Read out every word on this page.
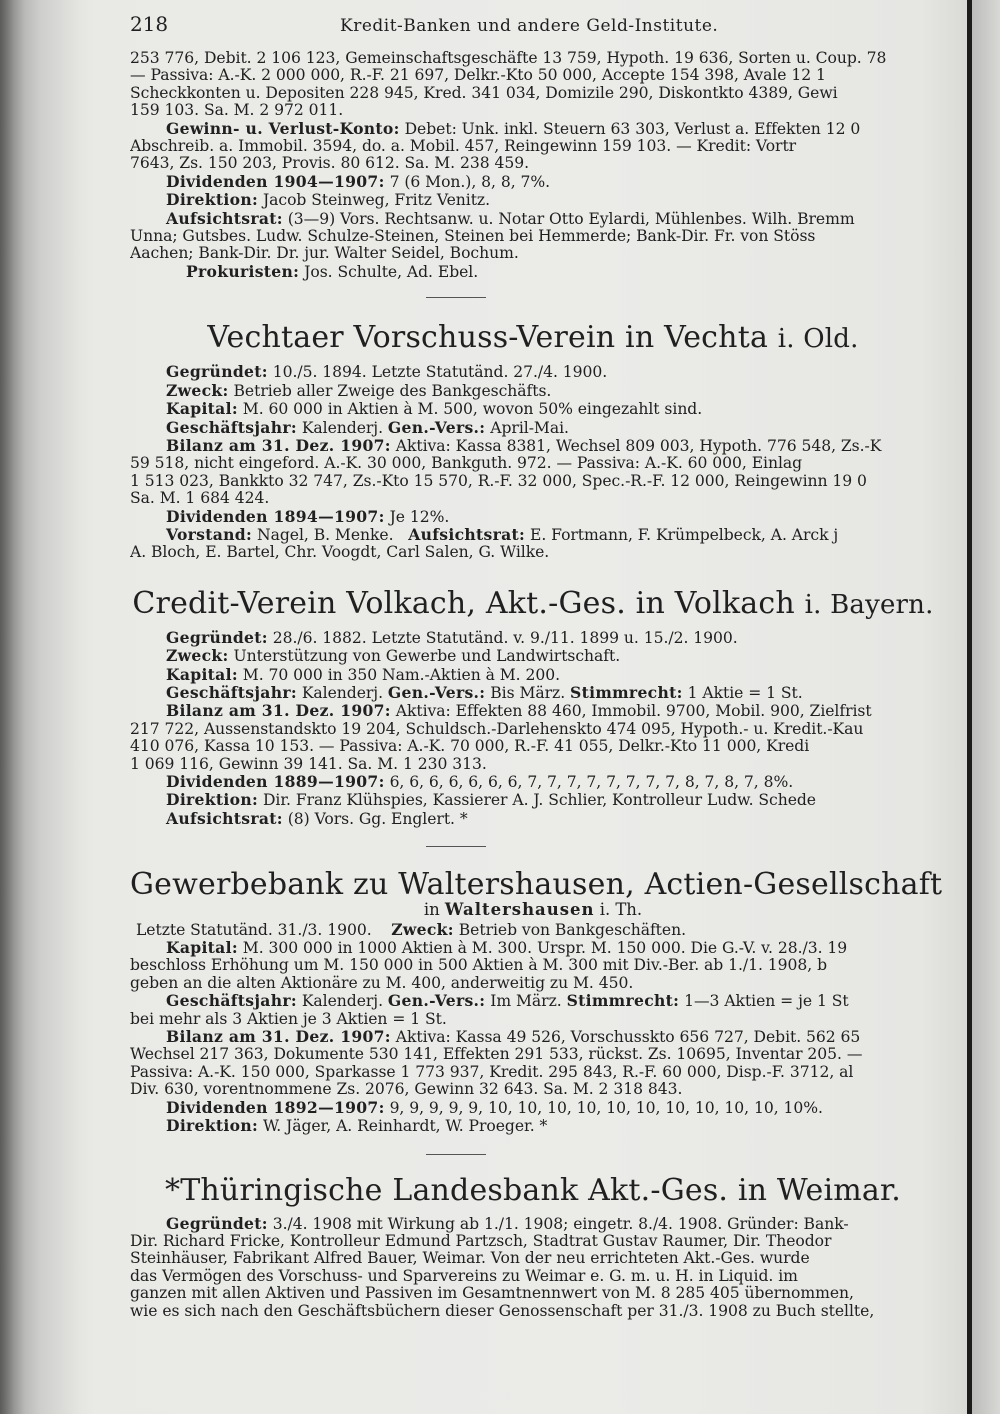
218	Kredit-Banken und andere Geld-Institute.
253 776, Debit. 2 106 123, Gemeinschaftsgeschäfte 13 759, Hypoth. 19 636, Sorten u. Coup. 78
— Passiva: A.-K. 2 000 000, R.-F. 21 697, Delkr.-Kto 50 000, Accepte 154 398, Avale 12 1
Scheckkonten u. Depositen 228 945, Kred. 341 034, Domizile 290, Diskontkto 4389, Gewi
159 103. Sa. M. 2 972 011.
Gewinn- u. Verlust-Konto: Debet: Unk. inkl. Steuern 63 303, Verlust a. Effekten 12 0
Abschreib. a. Immobil. 3594, do. a. Mobil. 457, Reingewinn 159 103. — Kredit: Vortr
7643, Zs. 150 203, Provis. 80 612. Sa. M. 238 459.
Dividenden 1904—1907: 7 (6 Mon.), 8, 8, 7%.
Direktion: Jacob Steinweg, Fritz Venitz.
Aufsichtsrat: (3—9) Vors. Rechtsanw. u. Notar Otto Eylardi, Mühlenbes. Wilh. Bremm
Unna; Gutsbes. Ludw. Schulze-Steinen, Steinen bei Hemmerde; Bank-Dir. Fr. von Stöss
Aachen; Bank-Dir. Dr. jur. Walter Seidel, Bochum.
Prokuristen: Jos. Schulte, Ad. Ebel.
Vechtaer Vorschuss-Verein in Vechta i. Old.
Gegründet: 10./5. 1894. Letzte Statutänd. 27./4. 1900.
Zweck: Betrieb aller Zweige des Bankgeschäfts.
Kapital: M. 60 000 in Aktien à M. 500, wovon 50% eingezahlt sind.
Geschäftsjahr: Kalenderj. Gen.-Vers.: April-Mai.
Bilanz am 31. Dez. 1907: Aktiva: Kassa 8381, Wechsel 809 003, Hypoth. 776 548, Zs.-K
59 518, nicht eingeford. A.-K. 30 000, Bankguth. 972. — Passiva: A.-K. 60 000, Einlag
1 513 023, Bankkto 32 747, Zs.-Kto 15 570, R.-F. 32 000, Spec.-R.-F. 12 000, Reingewinn 19 0
Sa. M. 1 684 424.
Dividenden 1894—1907: Je 12%.
Vorstand: Nagel, B. Menke. Aufsichtsrat: E. Fortmann, F. Krümpelbeck, A. Arck j
A. Bloch, E. Bartel, Chr. Voogdt, Carl Salen, G. Wilke.
Credit-Verein Volkach, Akt.-Ges. in Volkach i. Bayern.
Gegründet: 28./6. 1882. Letzte Statutänd. v. 9./11. 1899 u. 15./2. 1900.
Zweck: Unterstützung von Gewerbe und Landwirtschaft.
Kapital: M. 70 000 in 350 Nam.-Aktien à M. 200.
Geschäftsjahr: Kalenderj. Gen.-Vers.: Bis März. Stimmrecht: 1 Aktie = 1 St.
Bilanz am 31. Dez. 1907: Aktiva: Effekten 88 460, Immobil. 9700, Mobil. 900, Zielfrist
217 722, Aussenstandskto 19 204, Schuldsch.-Darlehenskto 474 095, Hypoth.- u. Kredit.-Kau
410 076, Kassa 10 153. — Passiva: A.-K. 70 000, R.-F. 41 055, Delkr.-Kto 11 000, Kredi
1 069 116, Gewinn 39 141. Sa. M. 1 230 313.
Dividenden 1889—1907: 6, 6, 6, 6, 6, 6, 6, 7, 7, 7, 7, 7, 7, 7, 7, 8, 7, 8, 7, 8%.
Direktion: Dir. Franz Klühspies, Kassierer A. J. Schlier, Kontrolleur Ludw. Schede
Aufsichtsrat: (8) Vors. Gg. Englert. *
Gewerbebank zu Waltershausen, Actien-Gesellschaft
in Waltershausen i. Th.
Letzte Statutänd. 31./3. 1900. Zweck: Betrieb von Bankgeschäften.
Kapital: M. 300 000 in 1000 Aktien à M. 300. Urspr. M. 150 000. Die G.-V. v. 28./3. 19
beschloss Erhöhung um M. 150 000 in 500 Aktien à M. 300 mit Div.-Ber. ab 1./1. 1908, b
geben an die alten Aktionäre zu M. 400, anderweitig zu M. 450.
Geschäftsjahr: Kalenderj. Gen.-Vers.: Im März. Stimmrecht: 1—3 Aktien = je 1 St
bei mehr als 3 Aktien je 3 Aktien = 1 St.
Bilanz am 31. Dez. 1907: Aktiva: Kassa 49 526, Vorschusskto 656 727, Debit. 562 65
Wechsel 217 363, Dokumente 530 141, Effekten 291 533, rückst. Zs. 10695, Inventar 205. —
Passiva: A.-K. 150 000, Sparkasse 1 773 937, Kredit. 295 843, R.-F. 60 000, Disp.-F. 3712, al
Div. 630, vorentnommene Zs. 2076, Gewinn 32 643. Sa. M. 2 318 843.
Dividenden 1892—1907: 9, 9, 9, 9, 9, 10, 10, 10, 10, 10, 10, 10, 10, 10, 10, 10%.
Direktion: W. Jäger, A. Reinhardt, W. Proeger. *
*Thüringische Landesbank Akt.-Ges. in Weimar.
Gegründet: 3./4. 1908 mit Wirkung ab 1./1. 1908; eingetr. 8./4. 1908. Gründer: Bank-
Dir. Richard Fricke, Kontrolleur Edmund Partzsch, Stadtrat Gustav Raumer, Dir. Theodor
Steinhäuser, Fabrikant Alfred Bauer, Weimar. Von der neu errichteten Akt.-Ges. wurde
das Vermögen des Vorschuss- und Sparvereins zu Weimar e. G. m. u. H. in Liquid. im
ganzen mit allen Aktiven und Passiven im Gesamtnennwert von M. 8 285 405 übernommen,
wie es sich nach den Geschäftsbüchern dieser Genossenschaft per 31./3. 1908 zu Buch stellte,
